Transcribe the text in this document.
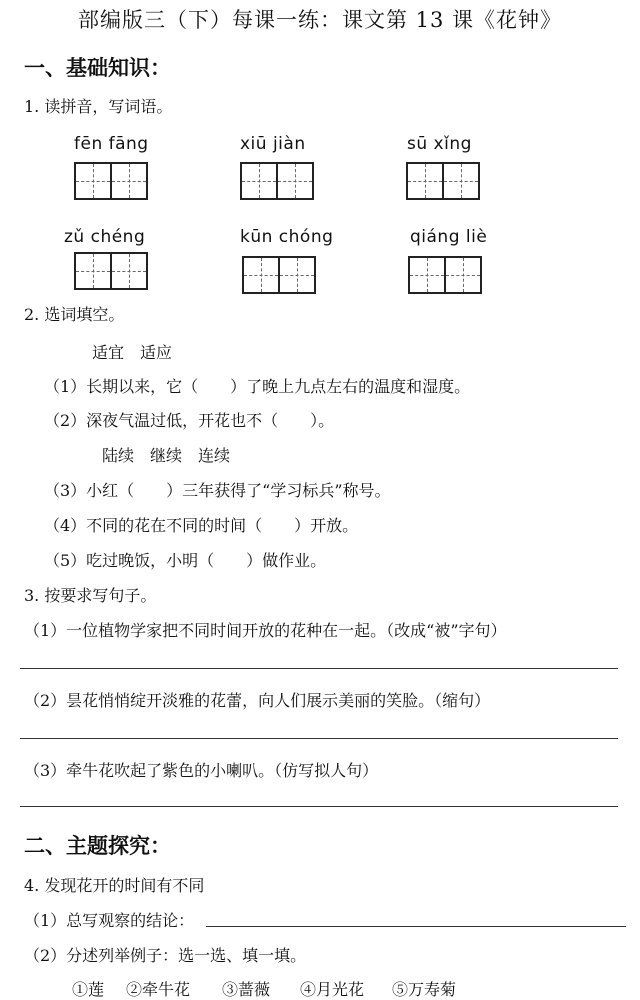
部编版三（下）每课一练：课文第 13 课《花钟》
一、基础知识：
1. 读拼音，写词语。
fēn fāng	xiū jiàn	sū xǐng
zǔ chéng	kūn chóng	qiáng liè
2. 选词填空。
适宜　适应
（1）长期以来，它（　　）了晚上九点左右的温度和湿度。
（2）深夜气温过低，开花也不（　　）。
陆续　继续　连续
（3）小红（　　）三年获得了“学习标兵”称号。
（4）不同的花在不同的时间（　　）开放。
（5）吃过晚饭，小明（　　）做作业。
3. 按要求写句子。
（1）一位植物学家把不同时间开放的花种在一起。（改成“被”字句）
（2）昙花悄悄绽开淡雅的花蕾，向人们展示美丽的笑脸。（缩句）
（3）牵牛花吹起了紫色的小喇叭。（仿写拟人句）
二、主题探究：
4. 发现花开的时间有不同
（1）总写观察的结论：
（2）分述列举例子：选一选、填一填。
①莲 ②牵牛花 ③蔷薇 ④月光花 ⑤万寿菊
